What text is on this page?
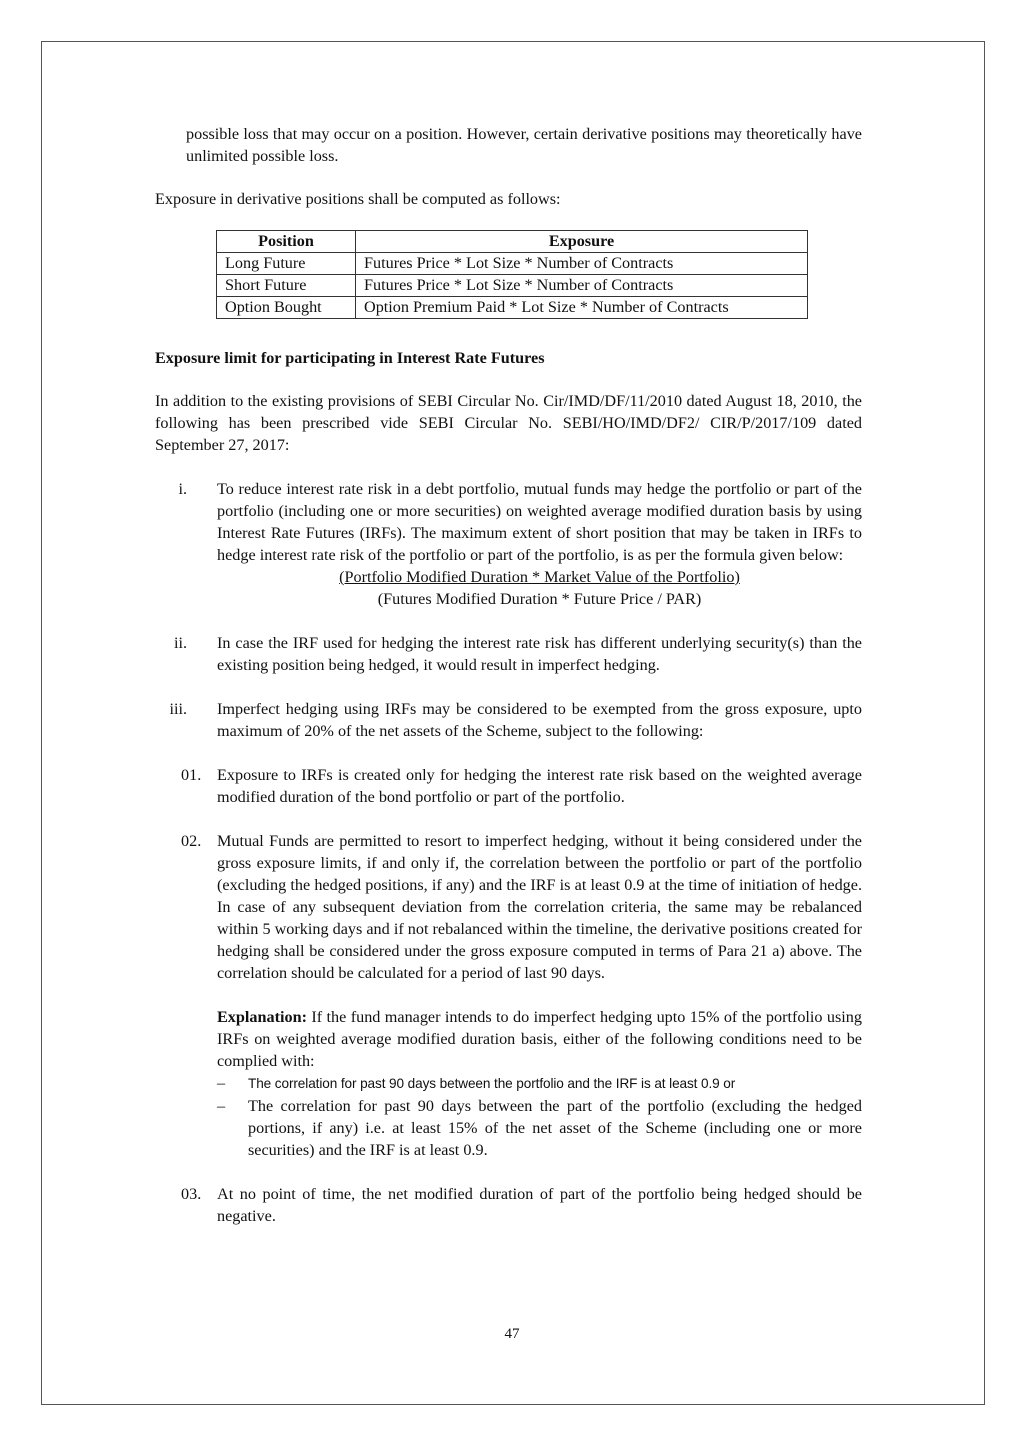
possible loss that may occur on a position. However, certain derivative positions may theoretically have unlimited possible loss.

Exposure in derivative positions shall be computed as follows:

Position	Exposure
Long Future	Futures Price * Lot Size * Number of Contracts
Short Future	Futures Price * Lot Size * Number of Contracts
Option Bought	Option Premium Paid * Lot Size * Number of Contracts

Exposure limit for participating in Interest Rate Futures

In addition to the existing provisions of SEBI Circular No. Cir/IMD/DF/11/2010 dated August 18, 2010, the following has been prescribed vide SEBI Circular No. SEBI/HO/IMD/DF2/ CIR/P/2017/109 dated September 27, 2017:

i. To reduce interest rate risk in a debt portfolio, mutual funds may hedge the portfolio or part of the portfolio (including one or more securities) on weighted average modified duration basis by using Interest Rate Futures (IRFs). The maximum extent of short position that may be taken in IRFs to hedge interest rate risk of the portfolio or part of the portfolio, is as per the formula given below:
(Portfolio Modified Duration * Market Value of the Portfolio)
(Futures Modified Duration * Future Price / PAR)
ii. In case the IRF used for hedging the interest rate risk has different underlying security(s) than the existing position being hedged, it would result in imperfect hedging.
iii. Imperfect hedging using IRFs may be considered to be exempted from the gross exposure, upto maximum of 20% of the net assets of the Scheme, subject to the following:
01. Exposure to IRFs is created only for hedging the interest rate risk based on the weighted average modified duration of the bond portfolio or part of the portfolio.
02. Mutual Funds are permitted to resort to imperfect hedging, without it being considered under the gross exposure limits, if and only if, the correlation between the portfolio or part of the portfolio (excluding the hedged positions, if any) and the IRF is at least 0.9 at the time of initiation of hedge. In case of any subsequent deviation from the correlation criteria, the same may be rebalanced within 5 working days and if not rebalanced within the timeline, the derivative positions created for hedging shall be considered under the gross exposure computed in terms of Para 21 a) above. The correlation should be calculated for a period of last 90 days.
Explanation: If the fund manager intends to do imperfect hedging upto 15% of the portfolio using IRFs on weighted average modified duration basis, either of the following conditions need to be complied with:
– The correlation for past 90 days between the portfolio and the IRF is at least 0.9 or
– The correlation for past 90 days between the part of the portfolio (excluding the hedged portions, if any) i.e. at least 15% of the net asset of the Scheme (including one or more securities) and the IRF is at least 0.9.
03. At no point of time, the net modified duration of part of the portfolio being hedged should be negative.
47
